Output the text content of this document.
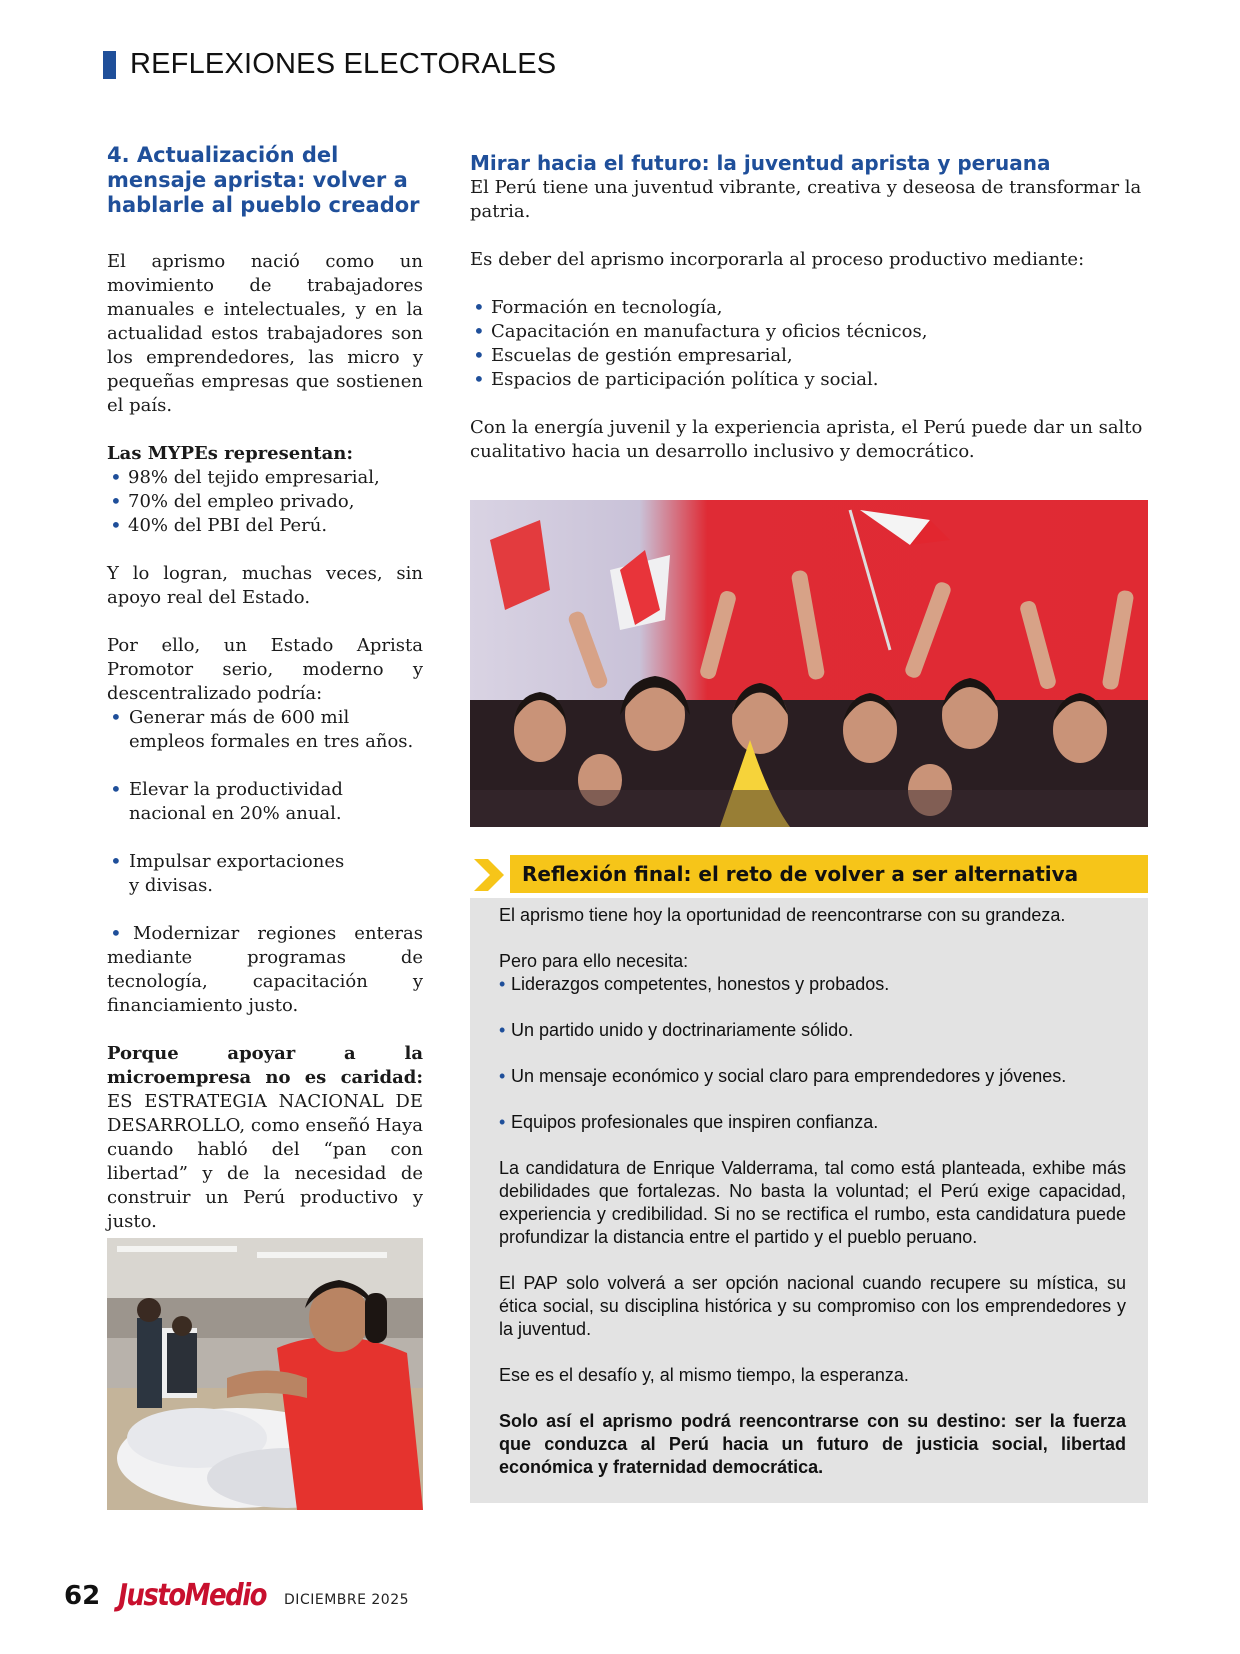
REFLEXIONES ELECTORALES
4. Actualización del mensaje aprista: volver a hablarle al pueblo creador
El aprismo nació como un movimiento de trabajadores manuales e intelectuales, y en la actualidad estos trabajadores son los emprendedores, las micro y pequeñas empresas que sostienen el país.
Las MYPEs representan:
• 98% del tejido empresarial,
• 70% del empleo privado,
• 40% del PBI del Perú.
Y lo logran, muchas veces, sin apoyo real del Estado.
Por ello, un Estado Aprista Promotor serio, moderno y descentralizado podría:
• Generar más de 600 mil empleos formales en tres años.
• Elevar la productividad nacional en 20% anual.
• Impulsar exportaciones y divisas.
• Modernizar regiones enteras mediante programas de tecnología, capacitación y financiamiento justo.
Porque apoyar a la microempresa no es caridad: ES ESTRATEGIA NACIONAL DE DESARROLLO, como enseñó Haya cuando habló del “pan con libertad” y de la necesidad de construir un Perú productivo y justo.
Mirar hacia el futuro: la juventud aprista y peruana
El Perú tiene una juventud vibrante, creativa y deseosa de transformar la patria.
Es deber del aprismo incorporarla al proceso productivo mediante:
• Formación en tecnología,
• Capacitación en manufactura y oficios técnicos,
• Escuelas de gestión empresarial,
• Espacios de participación política y social.
Con la energía juvenil y la experiencia aprista, el Perú puede dar un salto cualitativo hacia un desarrollo inclusivo y democrático.
Reflexión final: el reto de volver a ser alternativa
El aprismo tiene hoy la oportunidad de reencontrarse con su grandeza.
Pero para ello necesita:
• Liderazgos competentes, honestos y probados.
• Un partido unido y doctrinariamente sólido.
• Un mensaje económico y social claro para emprendedores y jóvenes.
• Equipos profesionales que inspiren confianza.
La candidatura de Enrique Valderrama, tal como está planteada, exhibe más debilidades que fortalezas. No basta la voluntad; el Perú exige capacidad, experiencia y credibilidad. Si no se rectifica el rumbo, esta candidatura puede profundizar la distancia entre el partido y el pueblo peruano.
El PAP solo volverá a ser opción nacional cuando recupere su mística, su ética social, su disciplina histórica y su compromiso con los emprendedores y la juventud.
Ese es el desafío y, al mismo tiempo, la esperanza.
Solo así el aprismo podrá reencontrarse con su destino: ser la fuerza que conduzca al Perú hacia un futuro de justicia social, libertad económica y fraternidad democrática.
62 JustoMedio DICIEMBRE 2025
